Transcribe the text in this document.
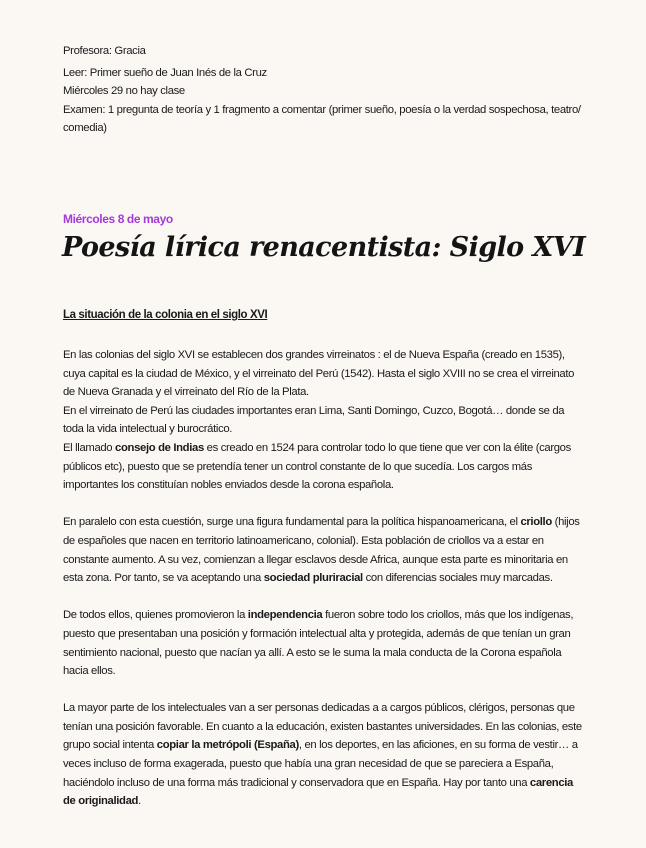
Profesora: Gracia
Leer: Primer sueño de Juan Inés de la Cruz
Miércoles 29 no hay clase
Examen: 1 pregunta de teoría y 1 fragmento a comentar (primer sueño, poesía o la verdad sospechosa, teatro/ comedia)
Miércoles 8 de mayo
Poesía lírica renacentista: Siglo XVI
La situación de la colonia en el siglo XVI

En las colonias del siglo XVI se establecen dos grandes virreinatos : el de Nueva España (creado en 1535), cuya capital es la ciudad de México, y el virreinato del Perú (1542). Hasta el siglo XVIII no se crea el virreinato de Nueva Granada y el virreinato del Río de la Plata.
En el virreinato de Perú las ciudades importantes eran Lima, Santi Domingo, Cuzco, Bogotá… donde se da toda la vida intelectual y burocrático.
El llamado consejo de Indias es creado en 1524 para controlar todo lo que tiene que ver con la élite (cargos públicos etc), puesto que se pretendía tener un control constante de lo que sucedía. Los cargos más importantes los constituían nobles enviados desde la corona española.

En paralelo con esta cuestión, surge una figura fundamental para la política hispanoamericana, el criollo (hijos de españoles que nacen en territorio latinoamericano, colonial). Esta población de criollos va a estar en constante aumento. A su vez, comienzan a llegar esclavos desde Africa, aunque esta parte es minoritaria en esta zona. Por tanto, se va aceptando una sociedad pluriracial con diferencias sociales muy marcadas.

De todos ellos, quienes promovieron la independencia fueron sobre todo los criollos, más que los indígenas, puesto que presentaban una posición y formación intelectual alta y protegida, además de que tenían un gran sentimiento nacional, puesto que nacían ya allí. A esto se le suma la mala conducta de la Corona española hacia ellos.

La mayor parte de los intelectuales van a ser personas dedicadas a a cargos públicos, clérigos, personas que tenían una posición favorable. En cuanto a la educación, existen bastantes universidades. En las colonias, este grupo social intenta copiar la metrópoli (España), en los deportes, en las aficiones, en su forma de vestir… a veces incluso de forma exagerada, puesto que había una gran necesidad de que se pareciera a España, haciéndolo incluso de una forma más tradicional y conservadora que en España. Hay por tanto una carencia de originalidad.
